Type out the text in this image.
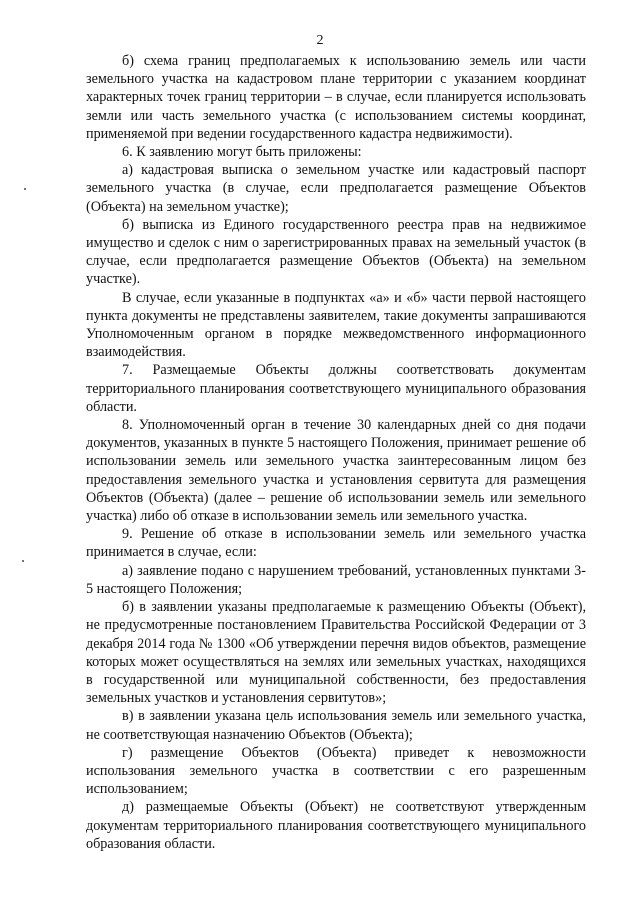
2

б) схема границ предполагаемых к использованию земель или части земельного участка на кадастровом плане территории с указанием координат характерных точек границ территории – в случае, если планируется использовать земли или часть земельного участка (с использованием системы координат, применяемой при ведении государственного кадастра недвижимости).

6. К заявлению могут быть приложены:

а) кадастровая выписка о земельном участке или кадастровый паспорт земельного участка (в случае, если предполагается размещение Объектов (Объекта) на земельном участке);

б) выписка из Единого государственного реестра прав на недвижимое имущество и сделок с ним о зарегистрированных правах на земельный участок (в случае, если предполагается размещение Объектов (Объекта) на земельном участке).

В случае, если указанные в подпунктах «а» и «б» части первой настоящего пункта документы не представлены заявителем, такие документы запрашиваются Уполномоченным органом в порядке межведомственного информационного взаимодействия.

7. Размещаемые Объекты должны соответствовать документам территориального планирования соответствующего муниципального образования области.

8. Уполномоченный орган в течение 30 календарных дней со дня подачи документов, указанных в пункте 5 настоящего Положения, принимает решение об использовании земель или земельного участка заинтересованным лицом без предоставления земельного участка и установления сервитута для размещения Объектов (Объекта) (далее – решение об использовании земель или земельного участка) либо об отказе в использовании земель или земельного участка.

9. Решение об отказе в использовании земель или земельного участка принимается в случае, если:

а) заявление подано с нарушением требований, установленных пунктами 3-5 настоящего Положения;

б) в заявлении указаны предполагаемые к размещению Объекты (Объект), не предусмотренные постановлением Правительства Российской Федерации от 3 декабря 2014 года № 1300 «Об утверждении перечня видов объектов, размещение которых может осуществляться на землях или земельных участках, находящихся в государственной или муниципальной собственности, без предоставления земельных участков и установления сервитутов»;

в) в заявлении указана цель использования земель или земельного участка, не соответствующая назначению Объектов (Объекта);

г) размещение Объектов (Объекта) приведет к невозможности использования земельного участка в соответствии с его разрешенным использованием;

д) размещаемые Объекты (Объект) не соответствуют утвержденным документам территориального планирования соответствующего муниципального образования области.
